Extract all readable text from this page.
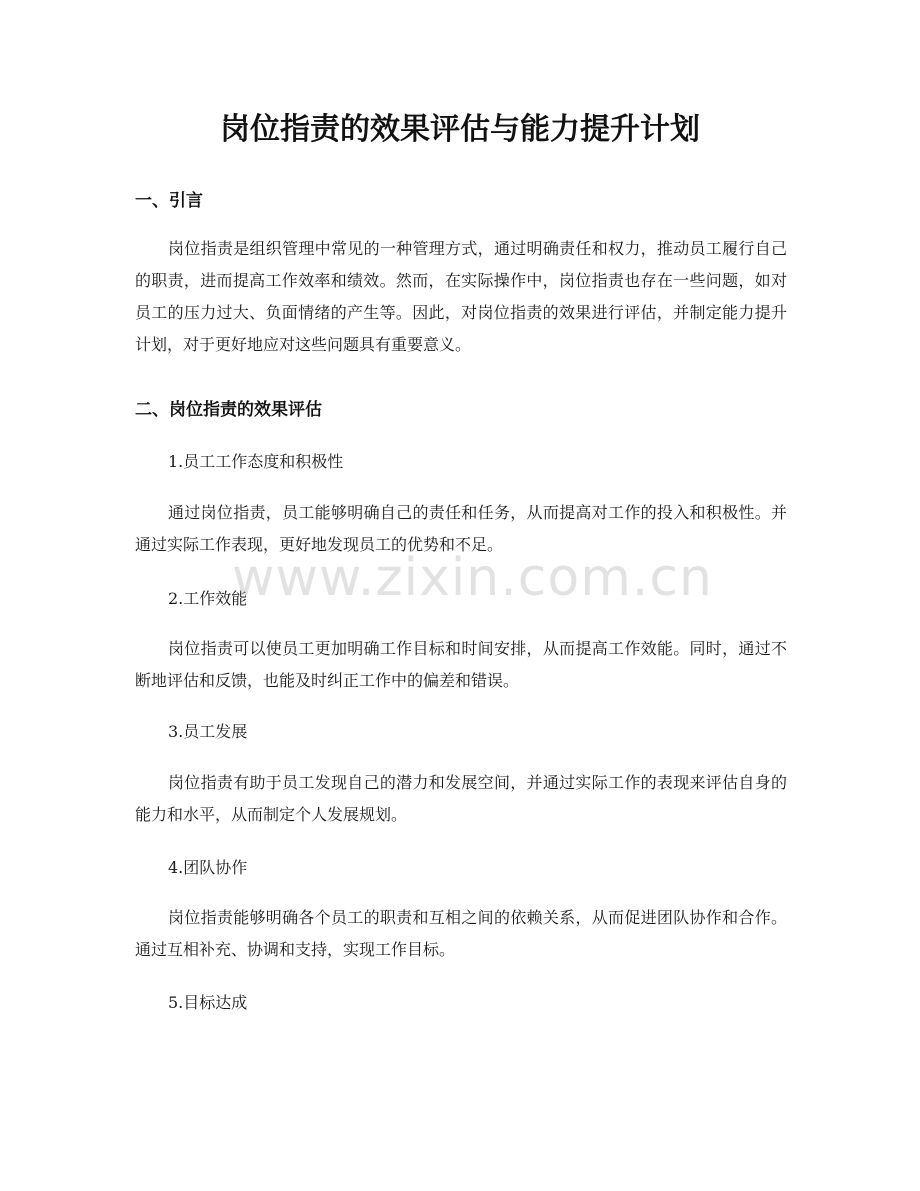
岗位指责的效果评估与能力提升计划
一、引言

岗位指责是组织管理中常见的一种管理方式，通过明确责任和权力，推动员工履行自己的职责，进而提高工作效率和绩效。然而，在实际操作中，岗位指责也存在一些问题，如对员工的压力过大、负面情绪的产生等。因此，对岗位指责的效果进行评估，并制定能力提升计划，对于更好地应对这些问题具有重要意义。

二、岗位指责的效果评估
1.员工工作态度和积极性

通过岗位指责，员工能够明确自己的责任和任务，从而提高对工作的投入和积极性。并通过实际工作表现，更好地发现员工的优势和不足。

2.工作效能

岗位指责可以使员工更加明确工作目标和时间安排，从而提高工作效能。同时，通过不断地评估和反馈，也能及时纠正工作中的偏差和错误。

3.员工发展

岗位指责有助于员工发现自己的潜力和发展空间，并通过实际工作的表现来评估自身的能力和水平，从而制定个人发展规划。

4.团队协作

岗位指责能够明确各个员工的职责和互相之间的依赖关系，从而促进团队协作和合作。通过互相补充、协调和支持，实现工作目标。

5.目标达成
www.zixin.com.cn
